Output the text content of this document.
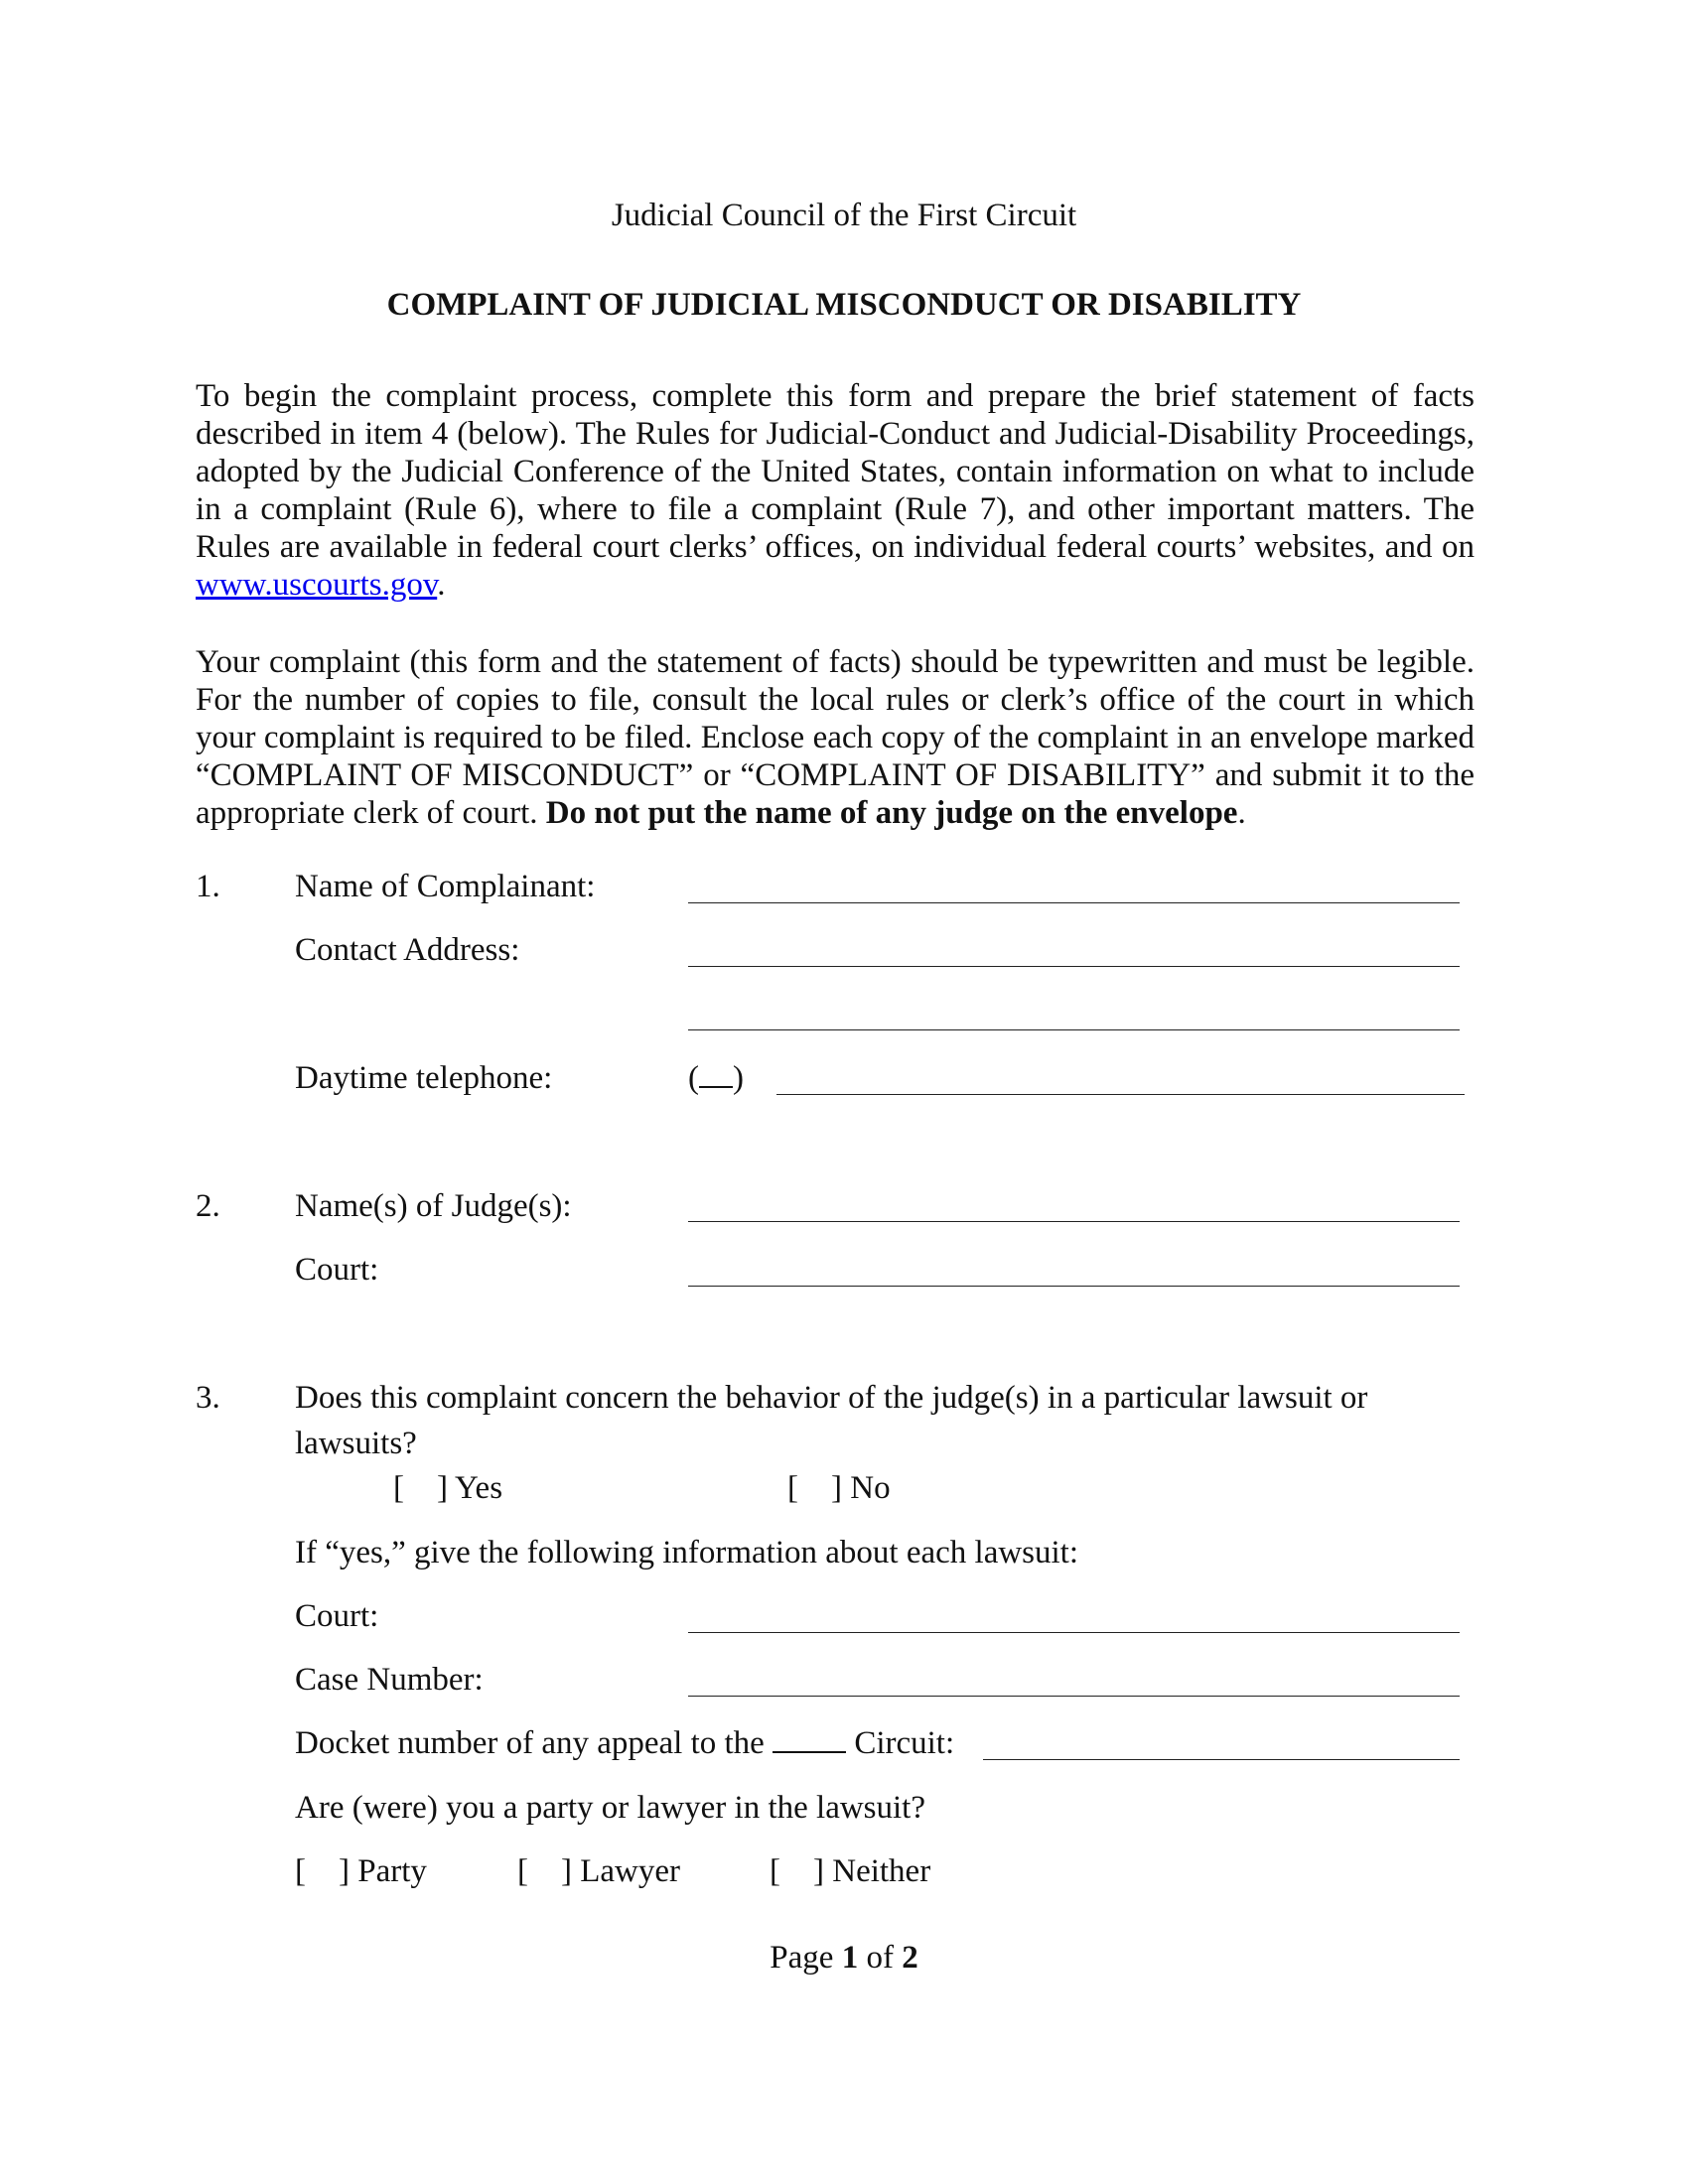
Judicial Council of the First Circuit
COMPLAINT OF JUDICIAL MISCONDUCT OR DISABILITY
To begin the complaint process, complete this form and prepare the brief statement of facts described in item 4 (below). The Rules for Judicial-Conduct and Judicial-Disability Proceedings, adopted by the Judicial Conference of the United States, contain information on what to include in a complaint (Rule 6), where to file a complaint (Rule 7), and other important matters. The Rules are available in federal court clerks’ offices, on individual federal courts’ websites, and on www.uscourts.gov.
Your complaint (this form and the statement of facts) should be typewritten and must be legible. For the number of copies to file, consult the local rules or clerk’s office of the court in which your complaint is required to be filed. Enclose each copy of the complaint in an envelope marked “COMPLAINT OF MISCONDUCT” or “COMPLAINT OF DISABILITY” and submit it to the appropriate clerk of court. Do not put the name of any judge on the envelope.
1. Name of Complainant:
Contact Address:
Daytime telephone:	( )
2. Name(s) of Judge(s):
Court:
3. Does this complaint concern the behavior of the judge(s) in a particular lawsuit or
lawsuits?
[    ] Yes	[    ] No
If “yes,” give the following information about each lawsuit:
Court:
Case Number:
Docket number of any appeal to the	Circuit:
Are (were) you a party or lawyer in the lawsuit?
[    ] Party	[    ] Lawyer	[    ] Neither
Page 1 of 2
